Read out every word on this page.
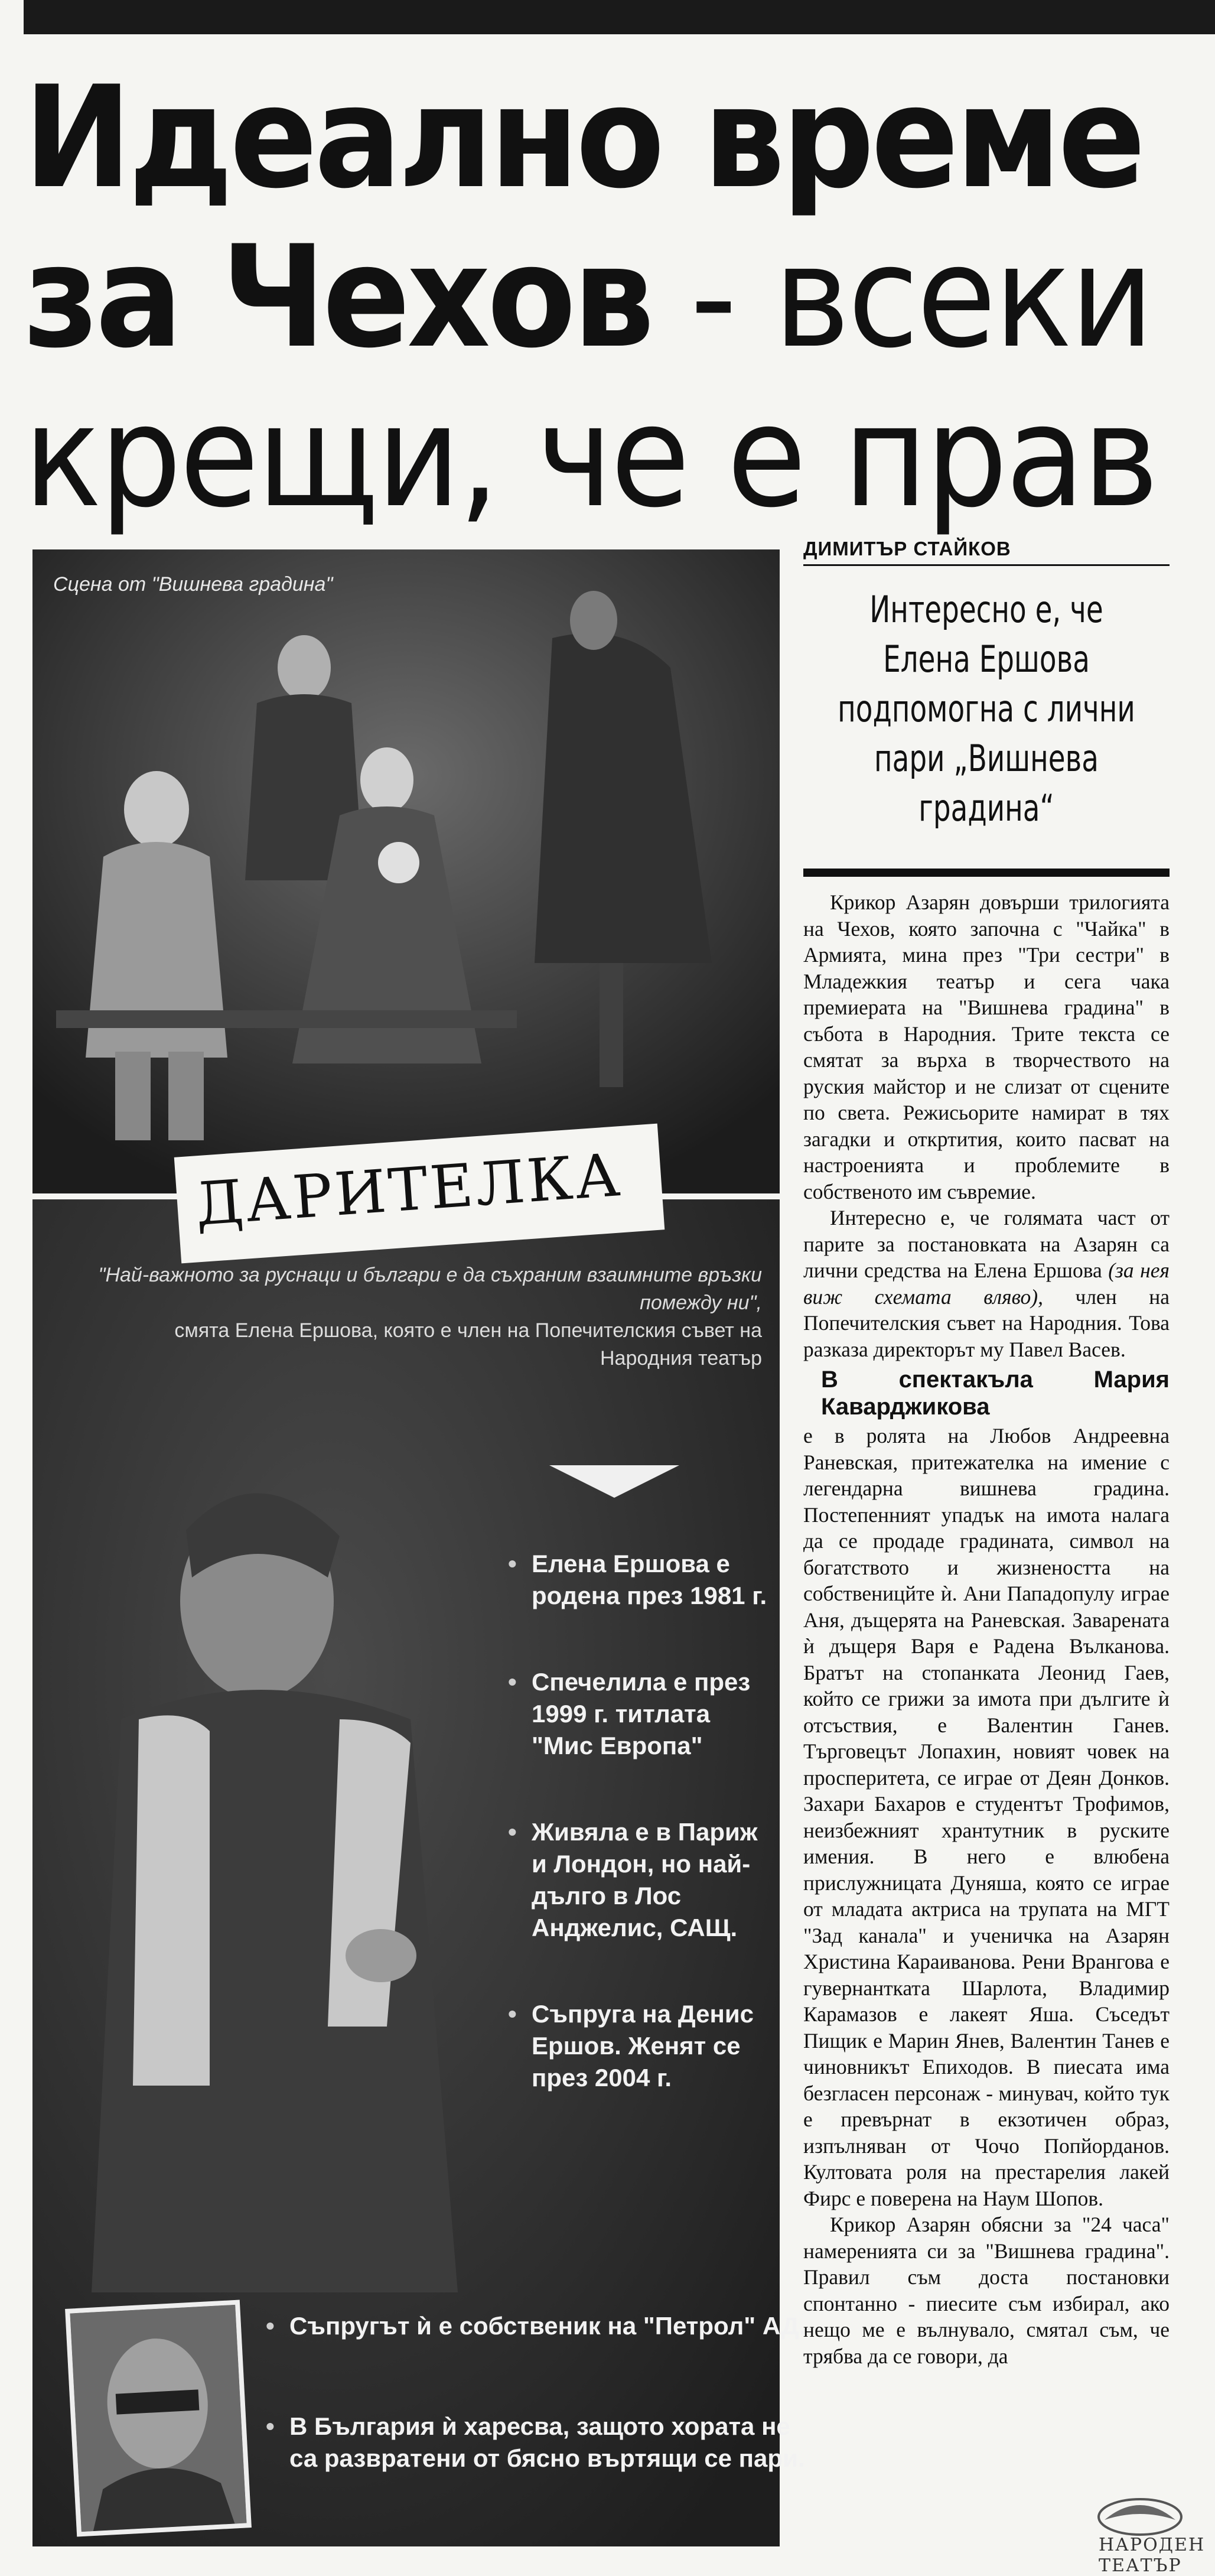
Идеално време
за Чехов - всеки
крещи, че е прав
Сцена от "Вишнева градина"
ДАРИТЕЛКА
"Най-важното за руснаци и българи е да съхраним взаимните връзки помежду ни",
смята Елена Ершова, която е член на Попечителския съвет на Народния театър
• Елена Ершова е родена през 1981 г.
• Спечелила е през 1999 г. титлата "Мис Европа"
• Живяла е в Париж и Лондон, но най-дълго в Лос Анджелис, САЩ.
• Съпруга на Денис Ершов. Женят се през 2004 г.
• Съпругът ѝ е собственик на "Петрол" АД.
• В България ѝ харесва, защото хората не са развратени от бясно въртящи се пари.
ДИМИТЪР СТАЙКОВ
Интересно е, че Елена Ершова подпомогна с лични пари „Вишнева градина“

Крикор Азарян довърши трилогията на Чехов, която започна с "Чайка" в Армията, мина през "Три сестри" в Младежкия театър и сега чака премиерата на "Вишнева градина" в събота в Народния. Трите текста се смятат за върха в творчеството на руския майстор и не слизат от сцените по света. Режисьорите намират в тях загадки и откртития, които пасват на настроенията и проблемите в собственото им съвремие.

Интересно е, че голямата част от парите за постановката на Азарян са лични средства на Елена Ершова (за нея виж схемата вляво), член на Попечителския съвет на Народния. Това разказа директорът му Павел Васев.

В спектакъла Мария Каварджикова

е в ролята на Любов Андреевна Раневская, притежателка на имение с легендарна вишнева градина. Постепенният упадък на имота налага да се продаде градината, символ на богатството и жизнеността на собственицйте ѝ. Ани Пападопулу играе Аня, дъщерята на Раневская. Заварената ѝ дъщеря Варя е Радена Вълканова. Братът на стопанката Леонид Гаев, който се грижи за имота при дългите ѝ отсъствия, е Валентин Ганев. Търговецът Лопахин, новият човек на просперитета, се играе от Деян Донков. Захари Бахаров е студентът Трофимов, неизбежният хрантутник в руските имения. В него е влюбена прислужницата Дуняша, която се играе от младата актриса на трупата на МГТ "Зад канала" и ученичка на Азарян Христина Караиванова. Рени Врангова е гувернантката Шарлота, Владимир Карамазов е лакеят Яша. Съседът Пищик е Марин Янев, Валентин Танев е чиновникът Епиходов. В пиесата има безгласен персонаж - минувач, който тук е превърнат в екзотичен образ, изпълняван от Чочо Попйорданов. Култовата роля на престарелия лакей Фирс е поверена на Наум Шопов.

Крикор Азарян обясни за "24 часа" намеренията си за "Вишнева градина". Правил съм доста постановки спонтанно - пиесите съм избирал, ако нещо ме е вълнувало, смятал съм, че трябва да се говори, да

НАРОДЕН ТЕАТЪР
